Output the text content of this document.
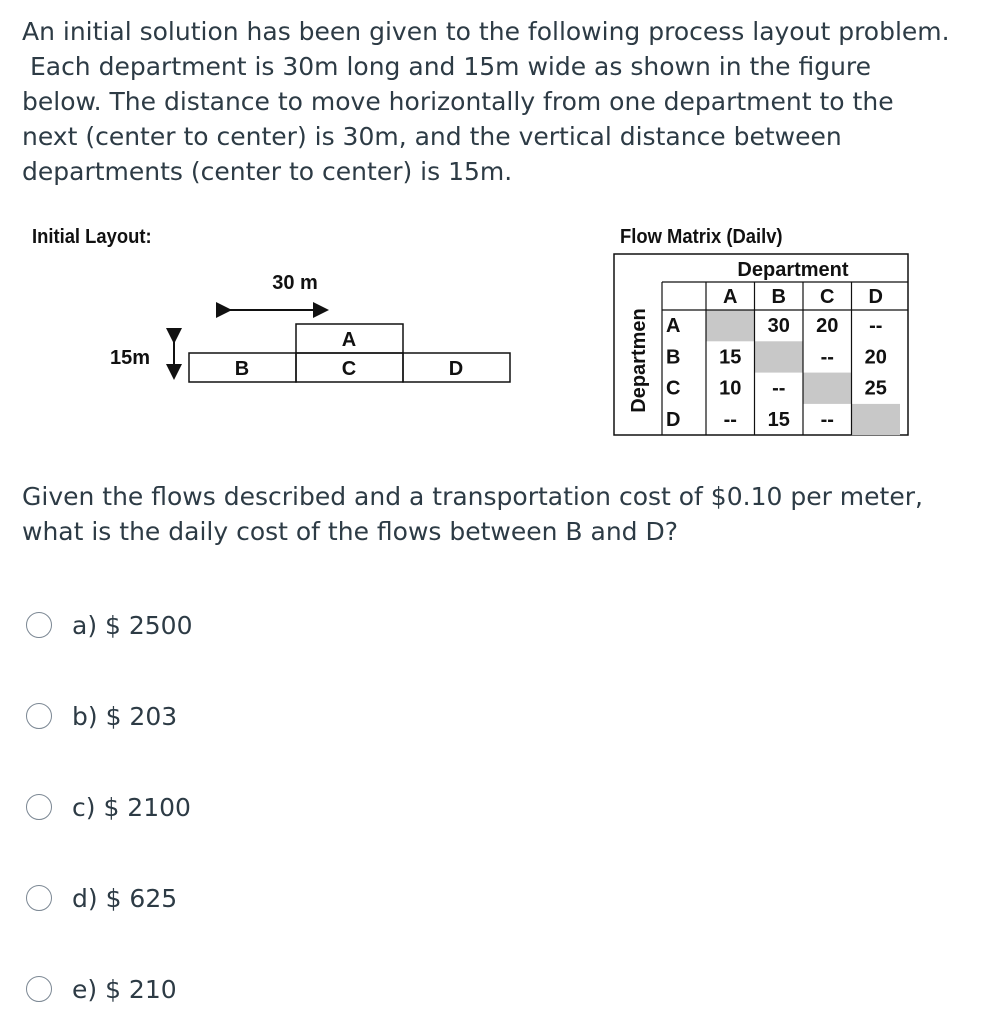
An initial solution has been given to the following process layout problem.

Each department is 30m long and 15m wide as shown in the figure

below. The distance to move horizontally from one department to the

next (center to center) is 30m, and the vertical distance between

departments (center to center) is 15m.

Initial Layout:	Flow Matrix (Dailv)
30 m
15m	B
A
C	D
Department
Departmen
A B C D
A	30 20 --
B 15	-- 20
C 10 --	25
D -- 15 --

Given the flows described and a transportation cost of $0.10 per meter,

what is the daily cost of the flows between B and D?

a) $ 2500
b) $ 203
c) $ 2100
d) $ 625
e) $ 210
